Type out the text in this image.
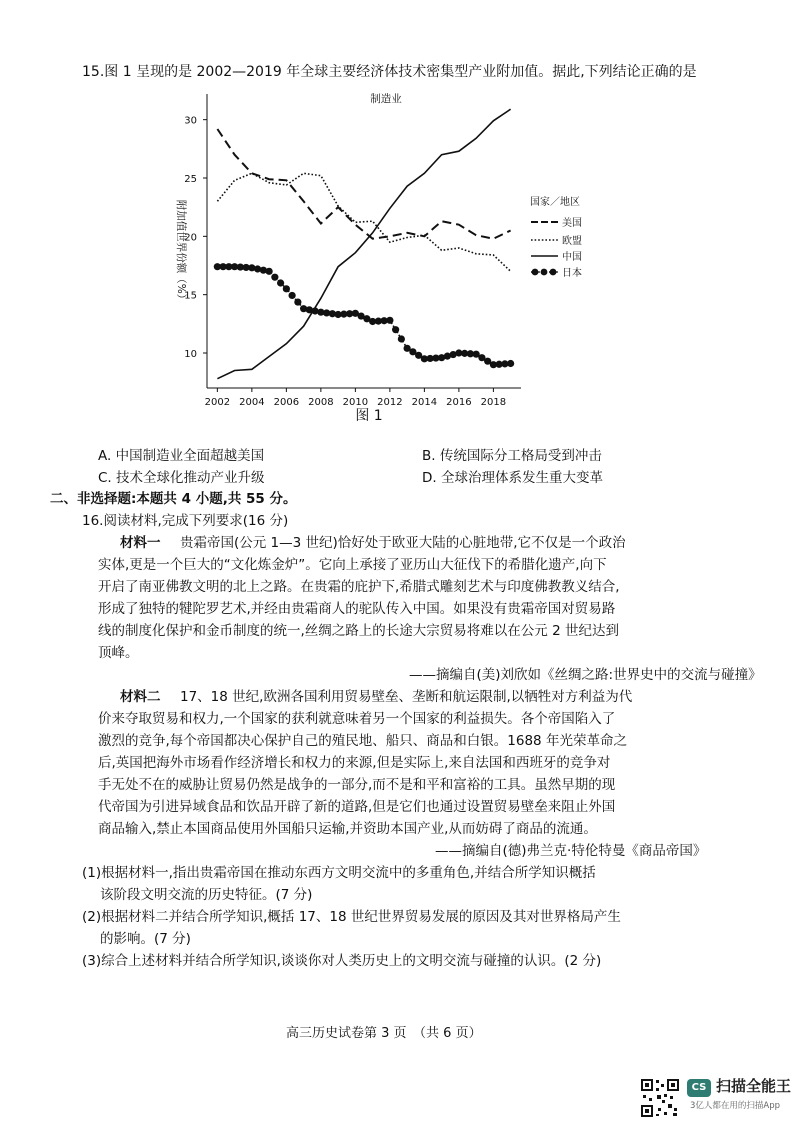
15.图 1 呈现的是 2002—2019 年全球主要经济体技术密集型产业附加值。据此,下列结论正确的是
10
15
20
25
30
2002 2004 2006 2008 2010 2012 2014 2016 2018
制造业
图 1
附加值世界份额（%）	国家／地区
美国
欧盟
中国
日本
A. 中国制造业全面超越美国	B. 传统国际分工格局受到冲击
C. 技术全球化推动产业升级	D. 全球治理体系发生重大变革
二、非选择题:本题共 4 小题,共 55 分。
16.阅读材料,完成下列要求(16 分)
材料一 贵霜帝国(公元 1—3 世纪)恰好处于欧亚大陆的心脏地带,它不仅是一个政治
实体,更是一个巨大的“文化炼金炉”。它向上承接了亚历山大征伐下的希腊化遗产,向下
开启了南亚佛教文明的北上之路。在贵霜的庇护下,希腊式雕刻艺术与印度佛教教义结合,
形成了独特的犍陀罗艺术,并经由贵霜商人的驼队传入中国。如果没有贵霜帝国对贸易路
线的制度化保护和金币制度的统一,丝绸之路上的长途大宗贸易将难以在公元 2 世纪达到
顶峰。
——摘编自(美)刘欣如《丝绸之路:世界史中的交流与碰撞》
材料二 17、18 世纪,欧洲各国利用贸易壁垒、垄断和航运限制,以牺牲对方利益为代
价来夺取贸易和权力,一个国家的获利就意味着另一个国家的利益损失。各个帝国陷入了
激烈的竞争,每个帝国都决心保护自己的殖民地、船只、商品和白银。1688 年光荣革命之
后,英国把海外市场看作经济增长和权力的来源,但是实际上,来自法国和西班牙的竞争对
手无处不在的威胁让贸易仍然是战争的一部分,而不是和平和富裕的工具。虽然早期的现
代帝国为引进异域食品和饮品开辟了新的道路,但是它们也通过设置贸易壁垒来阻止外国
商品输入,禁止本国商品使用外国船只运输,并资助本国产业,从而妨碍了商品的流通。
——摘编自(德)弗兰克·特伦特曼《商品帝国》
(1)根据材料一,指出贵霜帝国在推动东西方文明交流中的多重角色,并结合所学知识概括
该阶段文明交流的历史特征。(7 分)
(2)根据材料二并结合所学知识,概括 17、18 世纪世界贸易发展的原因及其对世界格局产生
的影响。(7 分)
(3)综合上述材料并结合所学知识,谈谈你对人类历史上的文明交流与碰撞的认识。(2 分)
高三历史试卷第 3 页　（共 6 页）
CS 扫描全能王
3亿人都在用的扫描App
